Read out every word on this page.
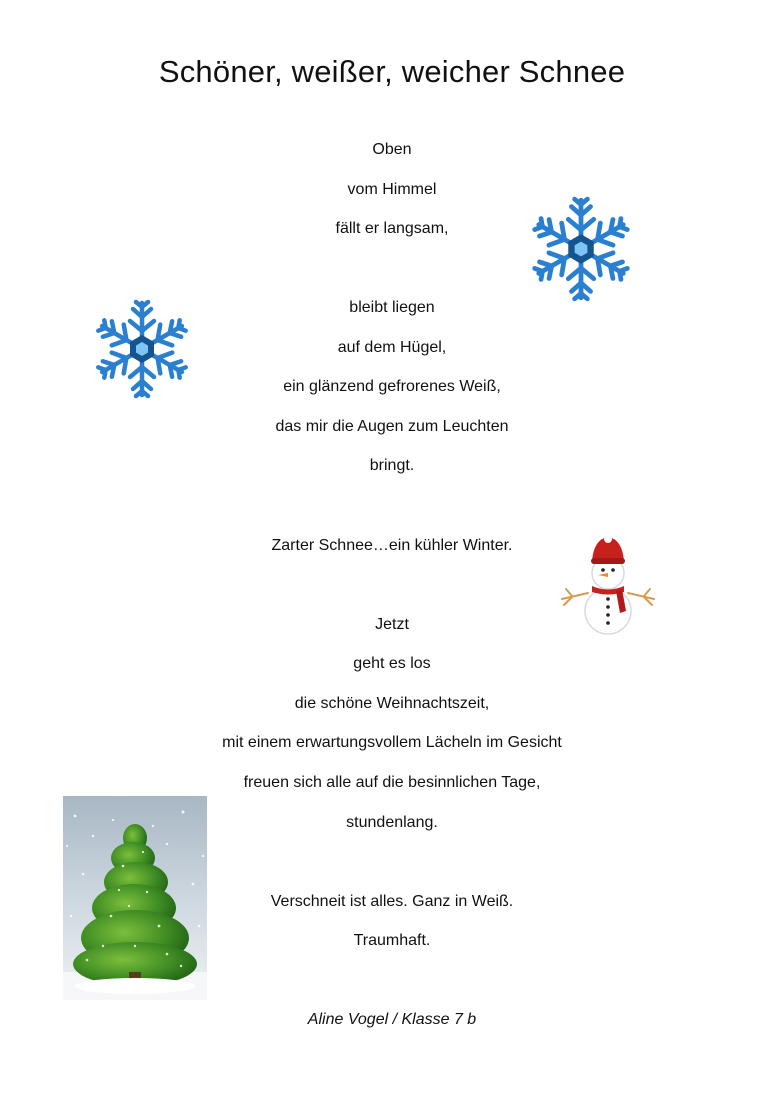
Schöner, weißer, weicher Schnee
Oben
vom Himmel
fällt er langsam,
bleibt liegen
auf dem Hügel,
ein glänzend gefrorenes Weiß,
das mir die Augen zum Leuchten
bringt.
Zarter Schnee…ein kühler Winter.
Jetzt
geht es los
die schöne Weihnachtszeit,
mit einem erwartungsvollem Lächeln im Gesicht
freuen sich alle auf die besinnlichen Tage,
stundenlang.
Verschneit ist alles. Ganz in Weiß.
Traumhaft.
Aline Vogel / Klasse 7 b
